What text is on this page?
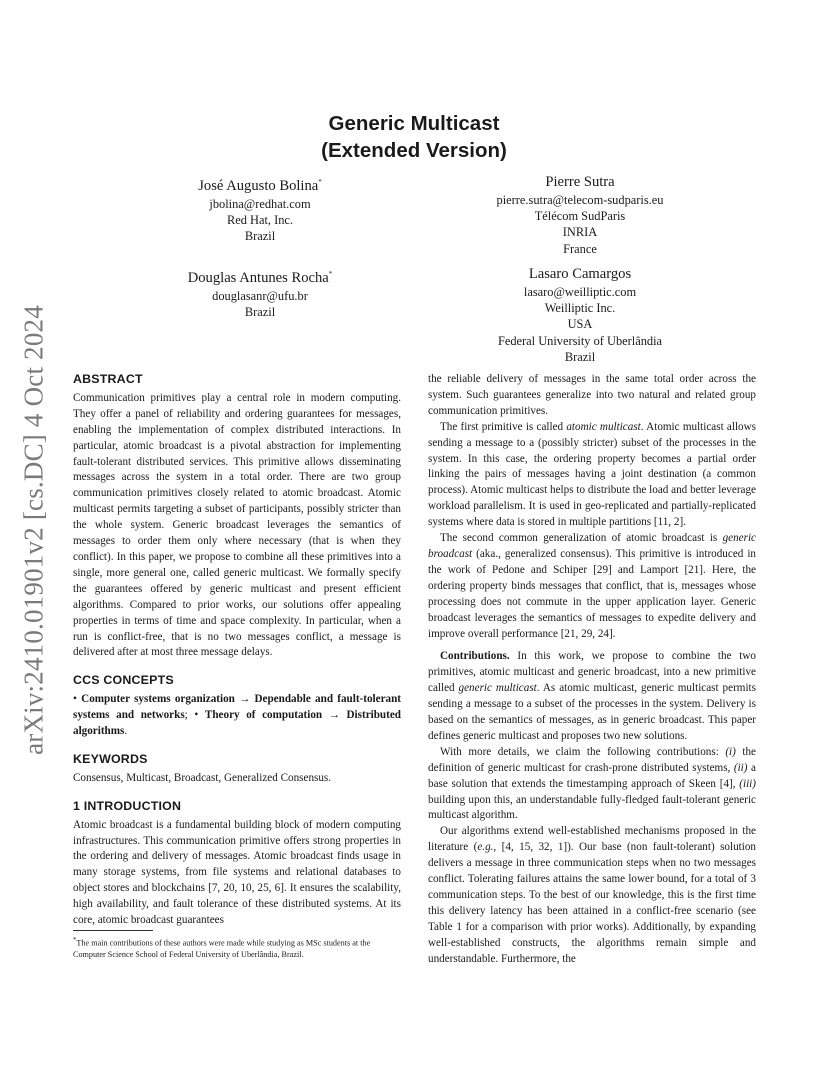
arXiv:2410.01901v2 [cs.DC] 4 Oct 2024
Generic Multicast
(Extended Version)
José Augusto Bolina*
jbolina@redhat.com
Red Hat, Inc.
Brazil
Pierre Sutra
pierre.sutra@telecom-sudparis.eu
Télécom SudParis
INRIA
France
Douglas Antunes Rocha*
douglasanr@ufu.br
Brazil
Lasaro Camargos
lasaro@weilliptic.com
Weilliptic Inc.
USA
Federal University of Uberlândia
Brazil
ABSTRACT

Communication primitives play a central role in modern computing. They offer a panel of reliability and ordering guarantees for messages, enabling the implementation of complex distributed interactions. In particular, atomic broadcast is a pivotal abstraction for implementing fault-tolerant distributed services. This primitive allows disseminating messages across the system in a total order. There are two group communication primitives closely related to atomic broadcast. Atomic multicast permits targeting a subset of participants, possibly stricter than the whole system. Generic broadcast leverages the semantics of messages to order them only where necessary (that is when they conflict). In this paper, we propose to combine all these primitives into a single, more general one, called generic multicast. We formally specify the guarantees offered by generic multicast and present efficient algorithms. Compared to prior works, our solutions offer appealing properties in terms of time and space complexity. In particular, when a run is conflict-free, that is no two messages conflict, a message is delivered after at most three message delays.

CCS CONCEPTS

• Computer systems organization → Dependable and fault-tolerant systems and networks; • Theory of computation → Distributed algorithms.

KEYWORDS

Consensus, Multicast, Broadcast, Generalized Consensus.

1 INTRODUCTION

Atomic broadcast is a fundamental building block of modern computing infrastructures. This communication primitive offers strong properties in the ordering and delivery of messages. Atomic broadcast finds usage in many storage systems, from file systems and relational databases to object stores and blockchains [7, 20, 10, 25, 6]. It ensures the scalability, high availability, and fault tolerance of these distributed systems. At its core, atomic broadcast guarantees

the reliable delivery of messages in the same total order across the system. Such guarantees generalize into two natural and related group communication primitives.

The first primitive is called atomic multicast. Atomic multicast allows sending a message to a (possibly stricter) subset of the processes in the system. In this case, the ordering property becomes a partial order linking the pairs of messages having a joint destination (a common process). Atomic multicast helps to distribute the load and better leverage workload parallelism. It is used in geo-replicated and partially-replicated systems where data is stored in multiple partitions [11, 2].

The second common generalization of atomic broadcast is generic broadcast (aka., generalized consensus). This primitive is introduced in the work of Pedone and Schiper [29] and Lamport [21]. Here, the ordering property binds messages that conflict, that is, messages whose processing does not commute in the upper application layer. Generic broadcast leverages the semantics of messages to expedite delivery and improve overall performance [21, 29, 24].

Contributions. In this work, we propose to combine the two primitives, atomic multicast and generic broadcast, into a new primitive called generic multicast. As atomic multicast, generic multicast permits sending a message to a subset of the processes in the system. Delivery is based on the semantics of messages, as in generic broadcast. This paper defines generic multicast and proposes two new solutions.

With more details, we claim the following contributions: (i) the definition of generic multicast for crash-prone distributed systems, (ii) a base solution that extends the timestamping approach of Skeen [4], (iii) building upon this, an understandable fully-fledged fault-tolerant generic multicast algorithm.

Our algorithms extend well-established mechanisms proposed in the literature (e.g., [4, 15, 32, 1]). Our base (non fault-tolerant) solution delivers a message in three communication steps when no two messages conflict. Tolerating failures attains the same lower bound, for a total of 3 communication steps. To the best of our knowledge, this is the first time this delivery latency has been attained in a conflict-free scenario (see Table 1 for a comparison with prior works). Additionally, by expanding well-established constructs, the algorithms remain simple and understandable. Furthermore, the

*The main contributions of these authors were made while studying as MSc students at the Computer Science School of Federal University of Uberlândia, Brazil.
